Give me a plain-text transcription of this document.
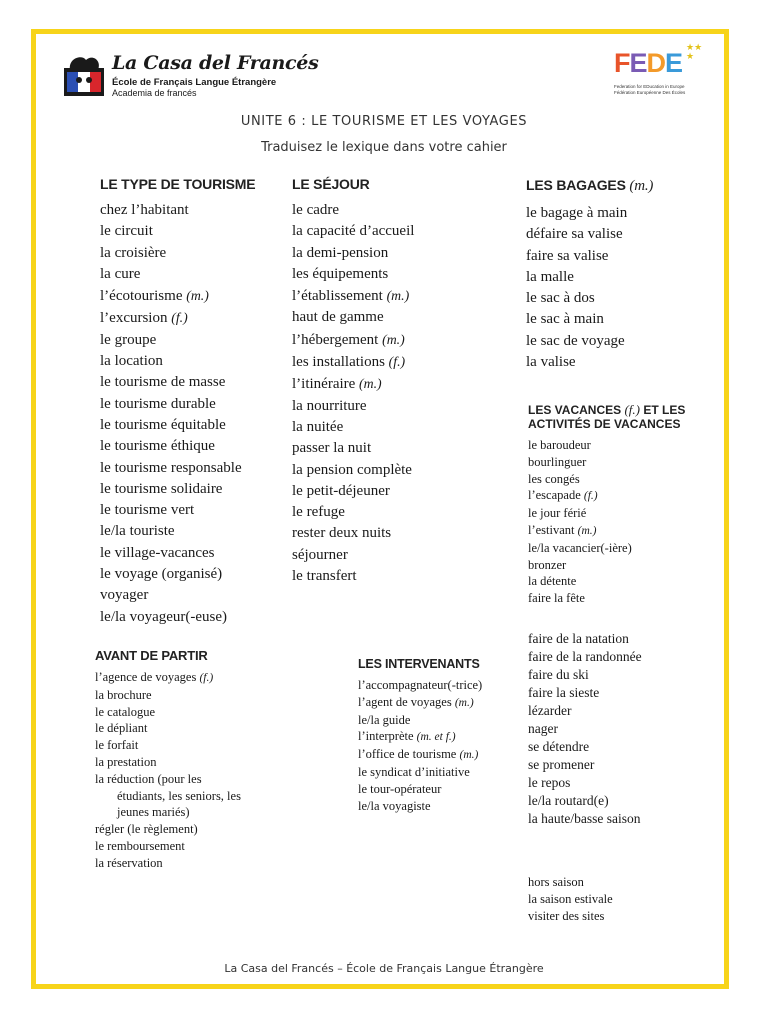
La Casa del Francés
École de Français Langue Étrangère
Academia de francés
FEDE ★★
★
Federation for EDucation in Europe
Fédération Européenne Des Écoles
UNITE 6 : LE TOURISME ET LES VOYAGES
Traduisez le lexique dans votre cahier
LE TYPE DE TOURISME
chez l’habitant
le circuit
la croisière
la cure
l’écotourisme (m.)
l’excursion (f.)
le groupe
la location
le tourisme de masse
le tourisme durable
le tourisme équitable
le tourisme éthique
le tourisme responsable
le tourisme solidaire
le tourisme vert
le/la touriste
le village-vacances
le voyage (organisé)
voyager
le/la voyageur(-euse)
LE SÉJOUR
le cadre
la capacité d’accueil
la demi-pension
les équipements
l’établissement (m.)
haut de gamme
l’hébergement (m.)
les installations (f.)
l’itinéraire (m.)
la nourriture
la nuitée
passer la nuit
la pension complète
le petit-déjeuner
le refuge
rester deux nuits
séjourner
le transfert
LES BAGAGES (m.)
le bagage à main
défaire sa valise
faire sa valise
la malle
le sac à dos
le sac à main
le sac de voyage
la valise
LES VACANCES (f.) ET LES
ACTIVITÉS DE VACANCES
le baroudeur
bourlinguer
les congés
l’escapade (f.)
le jour férié
l’estivant (m.)
le/la vacancier(-ière)
bronzer
la détente
faire la fête
faire de la natation
faire de la randonnée
faire du ski
faire la sieste
lézarder
nager
se détendre
se promener
le repos
le/la routard(e)
la haute/basse saison
hors saison
la saison estivale
visiter des sites
AVANT DE PARTIR
l’agence de voyages (f.)
la brochure
le catalogue
le dépliant
le forfait
la prestation
la réduction (pour les
étudiants, les seniors, les
jeunes mariés)
régler (le règlement)
le remboursement
la réservation
LES INTERVENANTS
l’accompagnateur(-trice)
l’agent de voyages (m.)
le/la guide
l’interprète (m. et f.)
l’office de tourisme (m.)
le syndicat d’initiative
le tour-opérateur
le/la voyagiste
La Casa del Francés – École de Français Langue Étrangère
